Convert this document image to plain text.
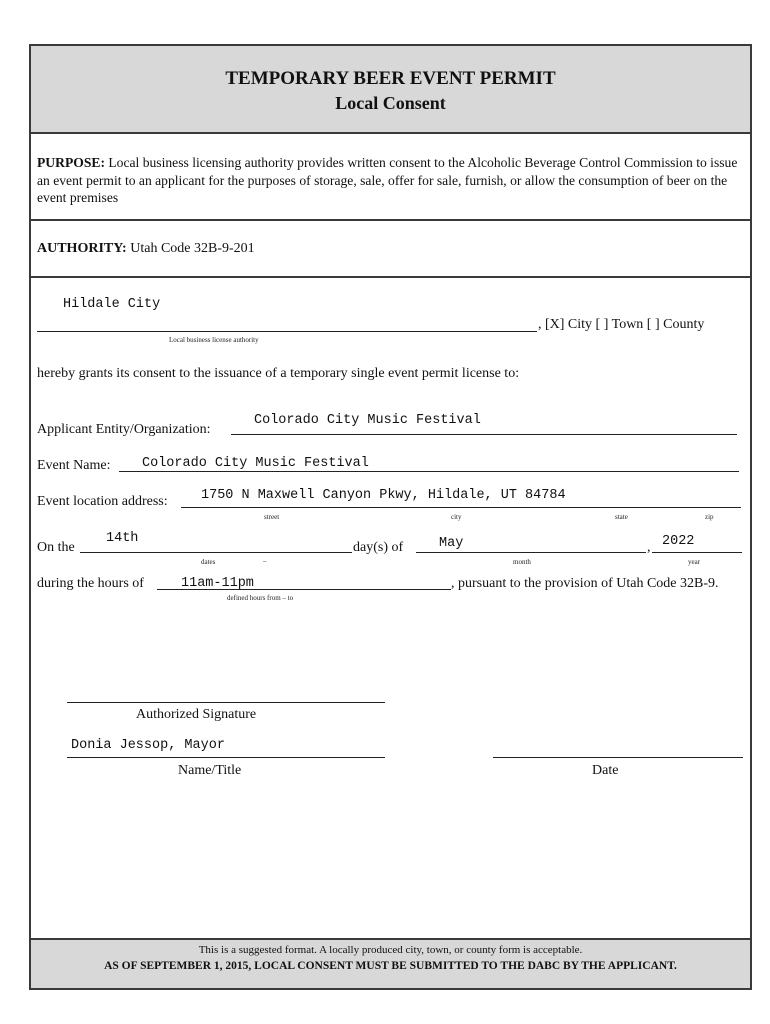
TEMPORARY BEER EVENT PERMIT
Local Consent
PURPOSE: Local business licensing authority provides written consent to the Alcoholic Beverage Control Commission to issue an event permit to an applicant for the purposes of storage, sale, offer for sale, furnish, or allow the consumption of beer on the event premises
AUTHORITY: Utah Code 32B-9-201
Hildale City
, [X] City [ ] Town [ ] County
Local business license authority
hereby grants its consent to the issuance of a temporary single event permit license to:
Applicant Entity/Organization:
Colorado City Music Festival
Event Name: Colorado City Music Festival
Event location address: 1750 N Maxwell Canyon Pkwy, Hildale, UT 84784
street	city	state	zip
On the
14th
day(s) of	May	, 2022
dates	_	month	year
during the hours of	11am-11pm	, pursuant to the provision of Utah Code 32B-9.
defined hours from – to
Authorized Signature
Donia Jessop, Mayor
Name/Title	Date
This is a suggested format. A locally produced city, town, or county form is acceptable.
AS OF SEPTEMBER 1, 2015, LOCAL CONSENT MUST BE SUBMITTED TO THE DABC BY THE APPLICANT.
